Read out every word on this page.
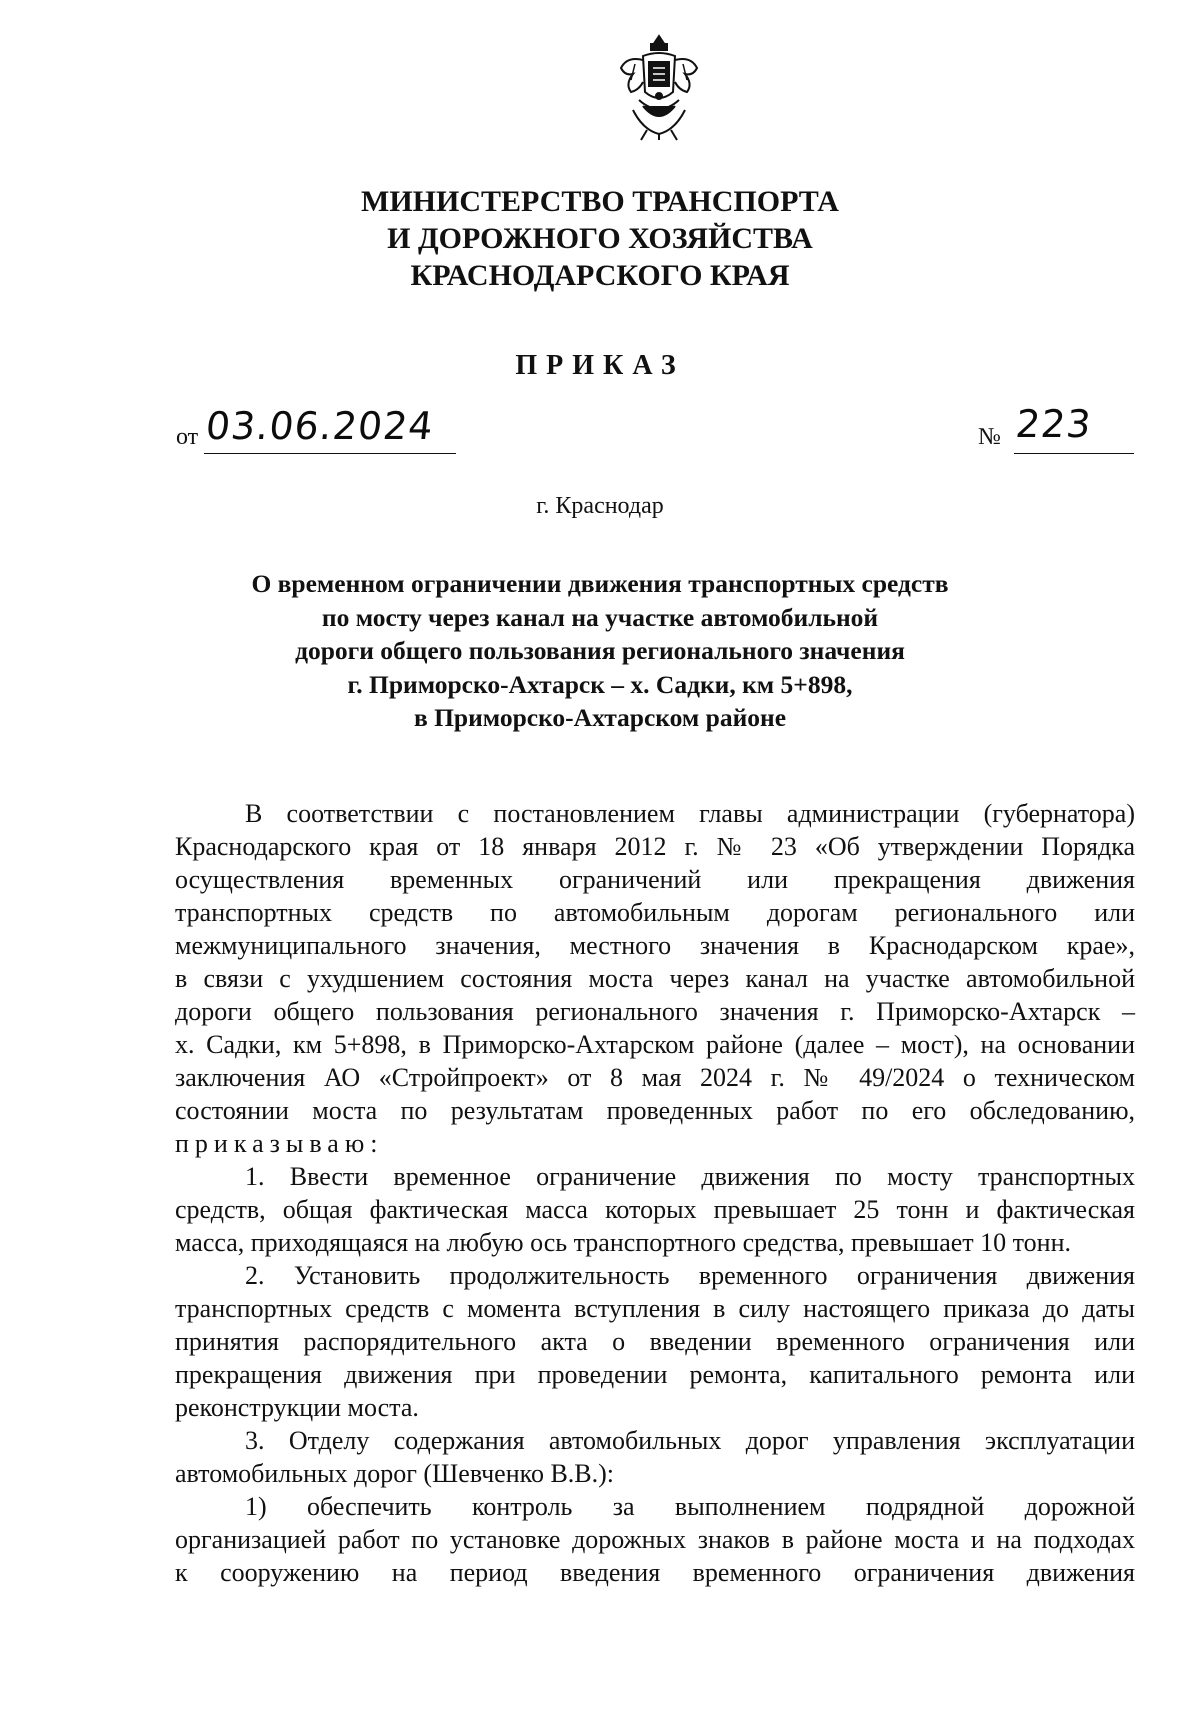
МИНИСТЕРСТВО ТРАНСПОРТА
И ДОРОЖНОГО ХОЗЯЙСТВА
КРАСНОДАРСКОГО КРАЯ
ПРИКАЗ
от 03.06.2024	№ 223
г. Краснодар
О временном ограничении движения транспортных средств
по мосту через канал на участке автомобильной
дороги общего пользования регионального значения
г. Приморско-Ахтарск – х. Садки, км 5+898,
в Приморско-Ахтарском районе
В соответствии с постановлением главы администрации (губернатора)
Краснодарского края от 18 января 2012 г. № 23 «Об утверждении Порядка
осуществления временных ограничений или прекращения движения
транспортных средств по автомобильным дорогам регионального или
межмуниципального значения, местного значения в Краснодарском крае»,
в связи с ухудшением состояния моста через канал на участке автомобильной
дороги общего пользования регионального значения г. Приморско-Ахтарск –
х. Садки, км 5+898, в Приморско-Ахтарском районе (далее – мост), на основании
заключения АО «Стройпроект» от 8 мая 2024 г. № 49/2024 о техническом
состоянии моста по результатам проведенных работ по его обследованию,
приказываю:
1. Ввести временное ограничение движения по мосту транспортных
средств, общая фактическая масса которых превышает 25 тонн и фактическая
масса, приходящаяся на любую ось транспортного средства, превышает 10 тонн.
2. Установить продолжительность временного ограничения движения
транспортных средств с момента вступления в силу настоящего приказа до даты
принятия распорядительного акта о введении временного ограничения или
прекращения движения при проведении ремонта, капитального ремонта или
реконструкции моста.
3. Отделу содержания автомобильных дорог управления эксплуатации
автомобильных дорог (Шевченко В.В.):
1) обеспечить контроль за выполнением подрядной дорожной
организацией работ по установке дорожных знаков в районе моста и на подходах
к сооружению на период введения временного ограничения движения
